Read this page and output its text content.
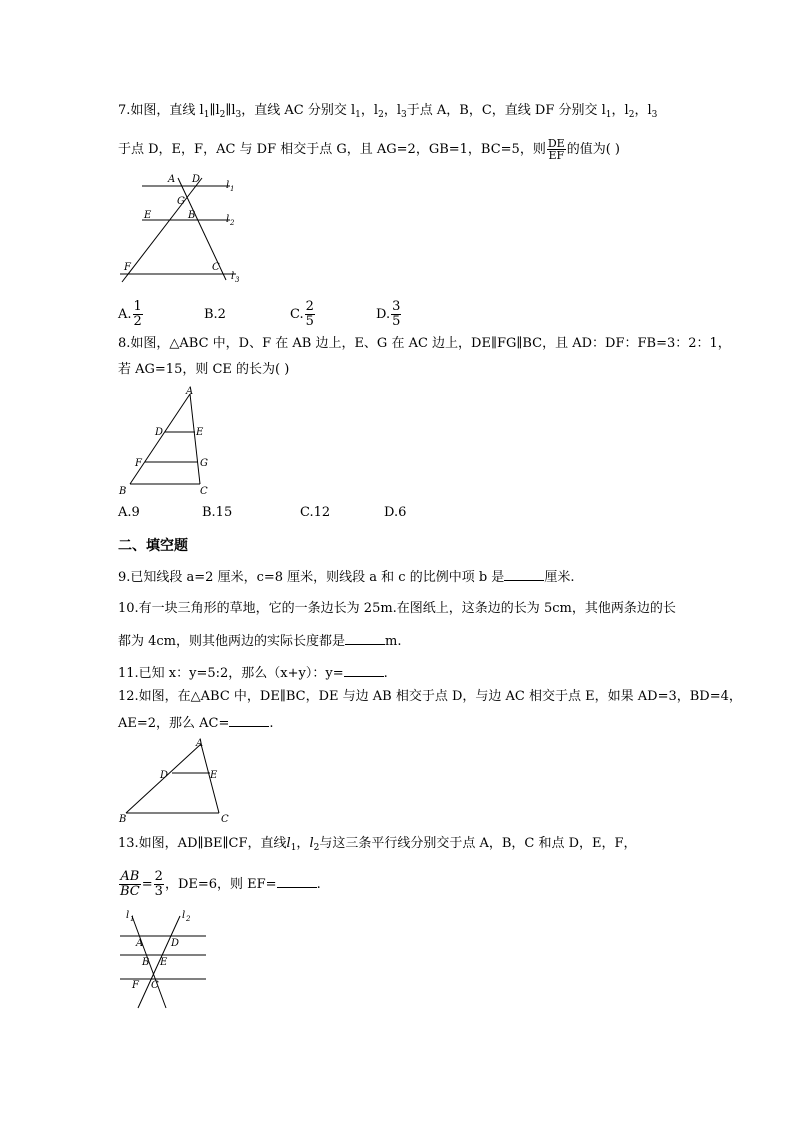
7.如图，直线 $l_1\parallel l_2\parallel l_3$，直线 AC 分别交 $l_1$，$l_2$，$l_3$于点 A，B，C，直线 DF 分别交 $l_1$，$l_2$，$l_3$
于点 D，E，F，AC 与 DF 相交于点 G，且 AG=2，GB=1，BC=5，则 $\frac{DE}{EF}$ 的值为( )
A D
G
E	B
F	C
l 1
l 2
l 3
A. $\frac{1}{2}$	B.2	C. $\frac{2}{5}$	D. $\frac{3}{5}$
8.如图，△ABC 中，D、F 在 AB 边上，E、G 在 AC 边上，DE∥FG∥BC，且 AD：DF：FB=3：2：1，
若 AG=15，则 CE 的长为( )
A
D	E
F	G
B	C
A.9	B.15	C.12	D.6
二、填空题
9.已知线段 a=2 厘米，c=8 厘米，则线段 a 和 c 的比例中项 b 是	厘米.
10.有一块三角形的草地，它的一条边长为 25m.在图纸上，这条边的长为 5cm，其他两条边的长
都为 4cm，则其他两边的实际长度都是	m.
11.已知 x：y=5:2，那么（x+y）：y=	.
12.如图，在△ABC 中，DE∥BC，DE 与边 AB 相交于点 D，与边 AC 相交于点 E，如果 AD=3，BD=4，
AE=2，那么 AC=	.
A
D	E
B	C
13.如图，AD∥BE∥CF，直线$l_1$，$l_2$与这三条平行线分别交于点 A，B，C 和点 D，E，F，
$\frac{AB}{BC} = \frac{2}{3}$ ，DE=6，则 EF=	.
l 1	l 2
A	D
B E
F C
